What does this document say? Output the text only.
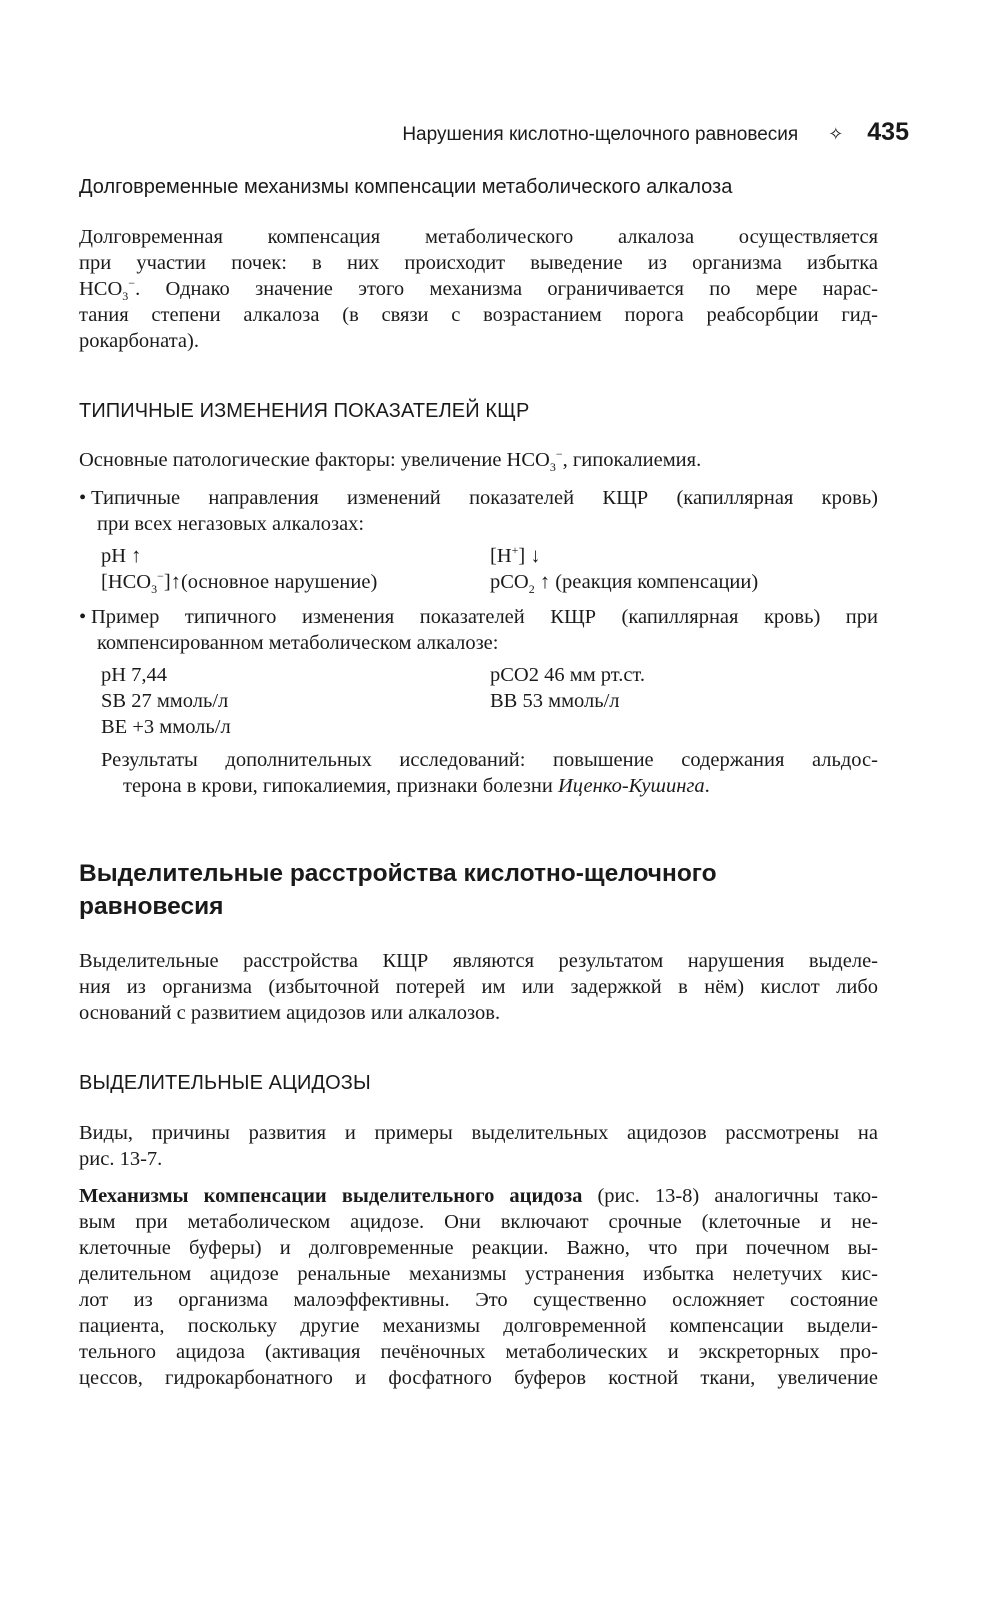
Нарушения кислотно-щелочного равновесия ✧ 435
Долговременные механизмы компенсации метаболического алкалоза
Долговременная компенсация метаболического алкалоза осуществляется
при участии почек: в них происходит выведение из организма избытка
$HCO_3^-$. Однако значение этого механизма ограничивается по мере нарас-
тания степени алкалоза (в связи с возрастанием порога реабсорбции гид-
рокарбоната).
ТИПИЧНЫЕ ИЗМЕНЕНИЯ ПОКАЗАТЕЛЕЙ КЩР
Основные патологические факторы: увеличение $HCO_3^-$, гипокалиемия.
• Типичные направления изменений показателей КЩР (капиллярная кровь)
при всех негазовых алкалозах:
pH ↑	[H+] ↓
$[HCO_3^-]↑(основное$ нарушение)	pCO$_2$ ↑ (реакция компенсации)
• Пример типичного изменения показателей КЩР (капиллярная кровь) при
компенсированном метаболическом алкалозе:
pH 7,44	pCO2 46 мм рт.ст.
SB 27 ммоль/л	BB 53 ммоль/л
BE +3 ммоль/л
Результаты дополнительных исследований: повышение содержания альдос-
терона в крови, гипокалиемия, признаки болезни Иценко-Кушинга.
Выделительные расстройства кислотно-щелочного
равновесия
Выделительные расстройства КЩР являются результатом нарушения выделе-
ния из организма (избыточной потерей им или задержкой в нём) кислот либо
оснований с развитием ацидозов или алкалозов.
ВЫДЕЛИТЕЛЬНЫЕ АЦИДОЗЫ
Виды, причины развития и примеры выделительных ацидозов рассмотрены на
рис. 13-7.
Механизмы компенсации выделительного ацидоза (рис. 13-8) аналогичны тако-
вым при метаболическом ацидозе. Они включают срочные (клеточные и не-
клеточные буферы) и долговременные реакции. Важно, что при почечном вы-
делительном ацидозе ренальные механизмы устранения избытка нелетучих кис-
лот из организма малоэффективны. Это существенно осложняет состояние
пациента, поскольку другие механизмы долговременной компенсации выдели-
тельного ацидоза (активация печёночных метаболических и экскреторных про-
цессов, гидрокарбонатного и фосфатного буферов костной ткани, увеличение
